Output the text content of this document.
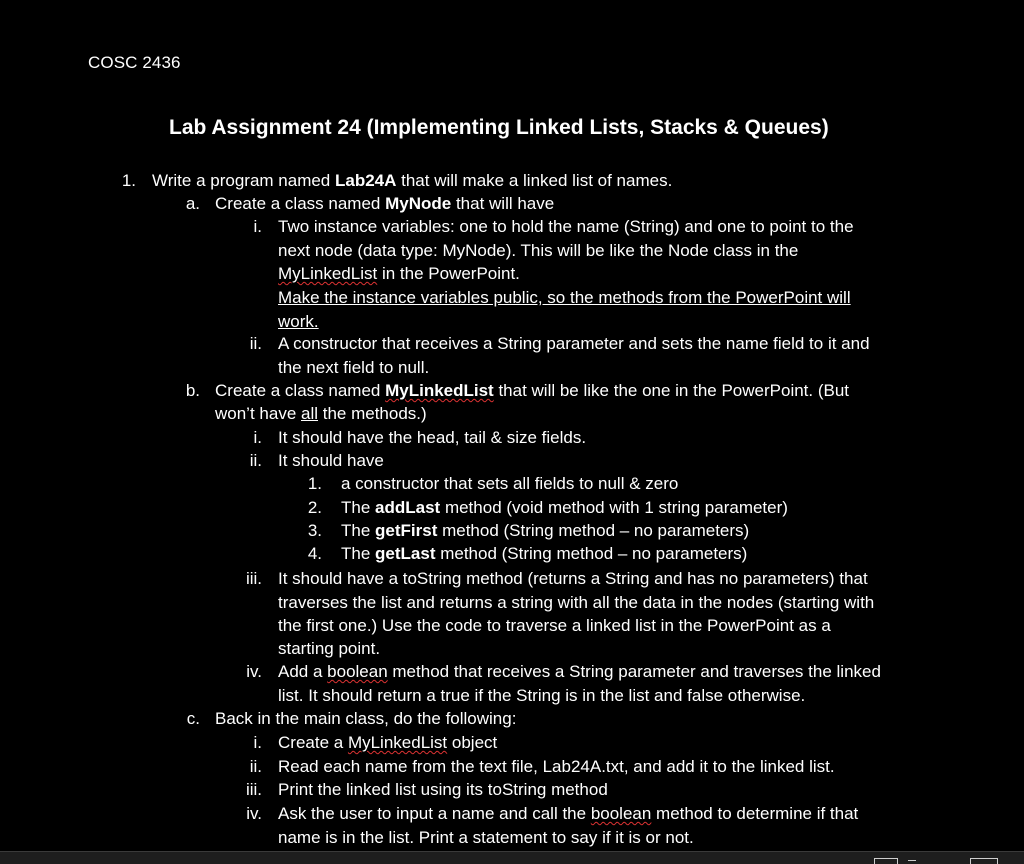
COSC 2436
Lab Assignment 24 (Implementing Linked Lists, Stacks & Queues)
1. Write a program named Lab24A that will make a linked list of names.
a. Create a class named MyNode that will have
i. Two instance variables: one to hold the name (String) and one to point to the
next node (data type: MyNode). This will be like the Node class in the
MyLinkedList in the PowerPoint.
Make the instance variables public, so the methods from the PowerPoint will
work.
ii. A constructor that receives a String parameter and sets the name field to it and
the next field to null.
b. Create a class named MyLinkedList that will be like the one in the PowerPoint. (But
won’t have all the methods.)
i. It should have the head, tail & size fields.
ii. It should have
1. a constructor that sets all fields to null & zero
2. The addLast method (void method with 1 string parameter)
3. The getFirst method (String method – no parameters)
4. The getLast method (String method – no parameters)
iii. It should have a toString method (returns a String and has no parameters) that
traverses the list and returns a string with all the data in the nodes (starting with
the first one.) Use the code to traverse a linked list in the PowerPoint as a
starting point.
iv. Add a boolean method that receives a String parameter and traverses the linked
list. It should return a true if the String is in the list and false otherwise.
c. Back in the main class, do the following:
i. Create a MyLinkedList object
ii. Read each name from the text file, Lab24A.txt, and add it to the linked list.
iii. Print the linked list using its toString method
iv. Ask the user to input a name and call the boolean method to determine if that
name is in the list. Print a statement to say if it is or not.
